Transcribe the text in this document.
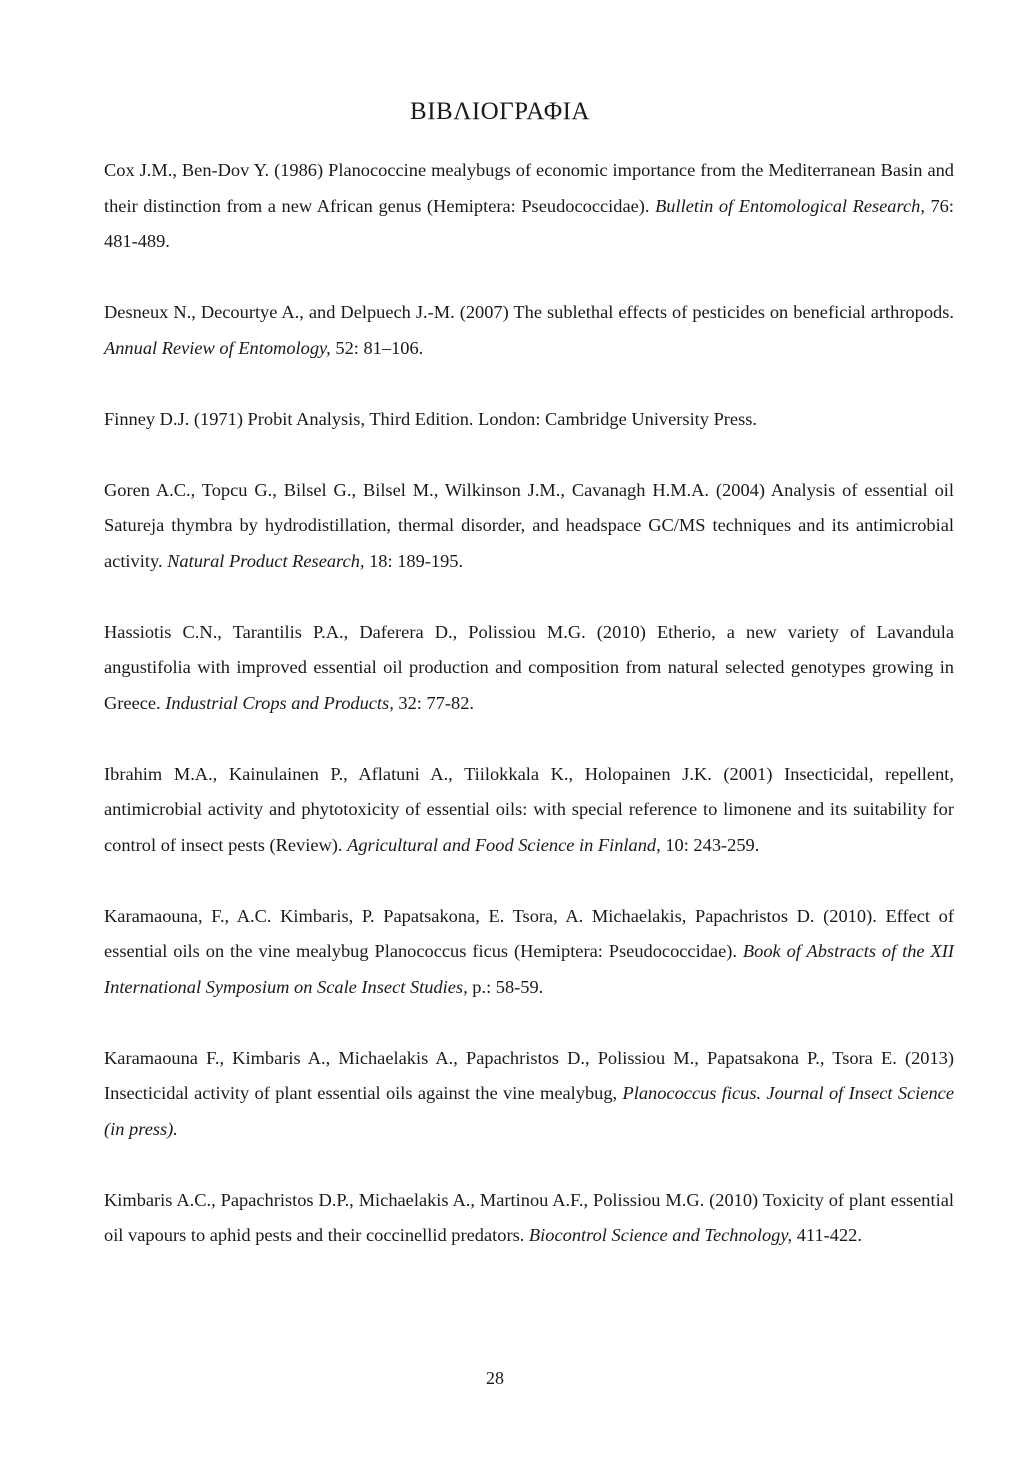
ΒΙΒΛΙΟΓΡΑΦΙΑ

Cox J.M., Ben-Dov Y. (1986) Planococcine mealybugs of economic importance from the Mediterranean Basin and their distinction from a new African genus (Hemiptera: Pseudococcidae). Bulletin of Entomological Research, 76: 481-489.

Desneux N., Decourtye A., and Delpuech J.-M. (2007) The sublethal effects of pesticides on beneficial arthropods. Annual Review of Entomology, 52: 81–106.

Finney D.J. (1971) Probit Analysis, Third Edition. London: Cambridge University Press.

Goren A.C., Topcu G., Bilsel G., Bilsel M., Wilkinson J.M., Cavanagh H.M.A. (2004) Analysis of essential oil Satureja thymbra by hydrodistillation, thermal disorder, and headspace GC/MS techniques and its antimicrobial activity. Natural Product Research, 18: 189-195.

Hassiotis C.N., Tarantilis P.A., Daferera D., Polissiou M.G. (2010) Etherio, a new variety of Lavandula angustifolia with improved essential oil production and composition from natural selected genotypes growing in Greece. Industrial Crops and Products, 32: 77-82.

Ibrahim M.A., Kainulainen P., Aflatuni A., Tiilokkala K., Holopainen J.K. (2001) Insecticidal, repellent, antimicrobial activity and phytotoxicity of essential oils: with special reference to limonene and its suitability for control of insect pests (Review). Agricultural and Food Science in Finland, 10: 243-259.

Karamaouna, F., A.C. Kimbaris, P. Papatsakona, E. Tsora, A. Michaelakis, Papachristos D. (2010). Effect of essential oils on the vine mealybug Planococcus ficus (Hemiptera: Pseudococcidae). Book of Abstracts of the XII International Symposium on Scale Insect Studies, p.: 58-59.

Karamaouna F., Kimbaris A., Michaelakis A., Papachristos D., Polissiou M., Papatsakona P., Tsora E. (2013) Insecticidal activity of plant essential oils against the vine mealybug, Planococcus ficus. Journal of Insect Science (in press).

Kimbaris A.C., Papachristos D.P., Michaelakis A., Martinou A.F., Polissiou M.G. (2010) Toxicity of plant essential oil vapours to aphid pests and their coccinellid predators. Biocontrol Science and Technology, 411-422.

28
